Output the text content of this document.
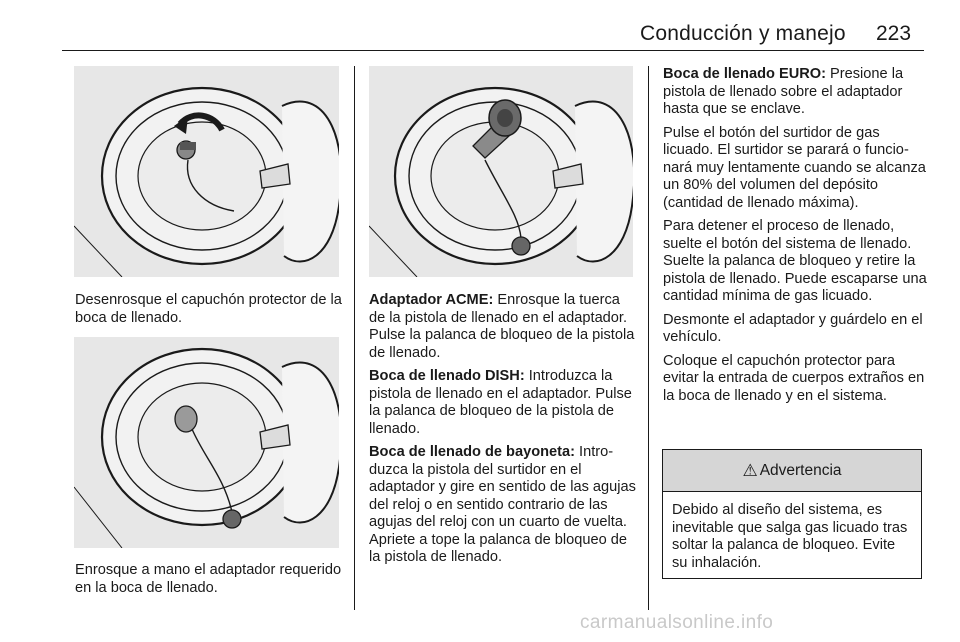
Conducción y manejo 223
Desenrosque el capuchón protector de la boca de llenado.
Enrosque a mano el adaptador requerido en la boca de llenado.

Adaptador ACME: Enrosque la tuerca de la pistola de llenado en el adaptador. Pulse la palanca de bloqueo de la pistola de llenado.

Boca de llenado DISH: Introduzca la pistola de llenado en el adaptador. Pulse la palanca de bloqueo de la pistola de llenado.

Boca de llenado de bayoneta: Introduzca la pistola del surtidor en el adaptador y gire en sentido de las agujas del reloj o en sentido contrario de las agujas del reloj con un cuarto de vuelta. Apriete a tope la palanca de bloqueo de la pistola de llenado.

Boca de llenado EURO: Presione la pistola de llenado sobre el adaptador hasta que se enclave.

Pulse el botón del surtidor de gas licuado. El surtidor se parará o funcionará muy lentamente cuando se alcanza un 80% del volumen del depósito (cantidad de llenado máxima).

Para detener el proceso de llenado, suelte el botón del sistema de llenado. Suelte la palanca de bloqueo y retire la pistola de llenado. Puede escaparse una cantidad mínima de gas licuado.

Desmonte el adaptador y guárdelo en el vehículo.

Coloque el capuchón protector para evitar la entrada de cuerpos extraños en la boca de llenado y en el sistema.

⚠ Advertencia
Debido al diseño del sistema, es inevitable que salga gas licuado tras soltar la palanca de bloqueo. Evite su inhalación.
carmanualsonline.info
